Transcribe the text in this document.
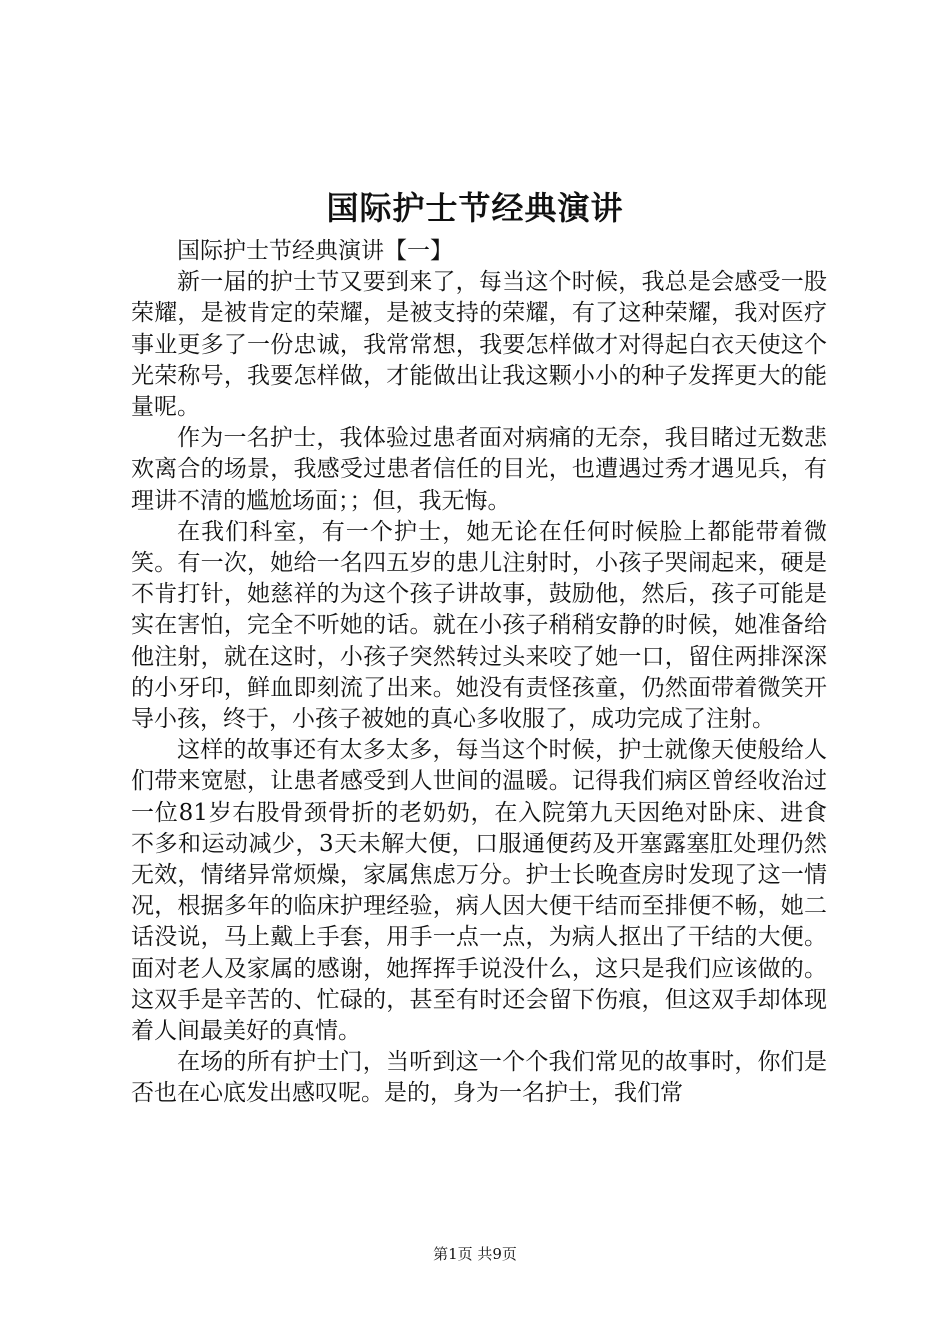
国际护士节经典演讲

国际护士节经典演讲【一】

新一届的护士节又要到来了，每当这个时候，我总是会感受一股荣耀，是被肯定的荣耀，是被支持的荣耀，有了这种荣耀，我对医疗事业更多了一份忠诚，我常常想，我要怎样做才对得起白衣天使这个光荣称号，我要怎样做，才能做出让我这颗小小的种子发挥更大的能量呢。

作为一名护士，我体验过患者面对病痛的无奈，我目睹过无数悲欢离合的场景，我感受过患者信任的目光，也遭遇过秀才遇见兵，有理讲不清的尴尬场面；；但，我无悔。

在我们科室，有一个护士，她无论在任何时候脸上都能带着微笑。有一次，她给一名四五岁的患儿注射时，小孩子哭闹起来，硬是不肯打针，她慈祥的为这个孩子讲故事，鼓励他，然后，孩子可能是实在害怕，完全不听她的话。就在小孩子稍稍安静的时候，她准备给他注射，就在这时，小孩子突然转过头来咬了她一口，留住两排深深的小牙印，鲜血即刻流了出来。她没有责怪孩童，仍然面带着微笑开导小孩，终于，小孩子被她的真心多收服了，成功完成了注射。

这样的故事还有太多太多，每当这个时候，护士就像天使般给人们带来宽慰，让患者感受到人世间的温暖。记得我们病区曾经收治过一位81岁右股骨颈骨折的老奶奶，在入院第九天因绝对卧床、进食不多和运动减少，3天未解大便，口服通便药及开塞露塞肛处理仍然无效，情绪异常烦燥，家属焦虑万分。护士长晚查房时发现了这一情况，根据多年的临床护理经验，病人因大便干结而至排便不畅，她二话没说，马上戴上手套，用手一点一点，为病人抠出了干结的大便。面对老人及家属的感谢，她挥挥手说没什么，这只是我们应该做的。这双手是辛苦的、忙碌的，甚至有时还会留下伤痕，但这双手却体现着人间最美好的真情。

在场的所有护士门，当听到这一个个我们常见的故事时，你们是否也在心底发出感叹呢。是的，身为一名护士，我们常

第1页 共9页
